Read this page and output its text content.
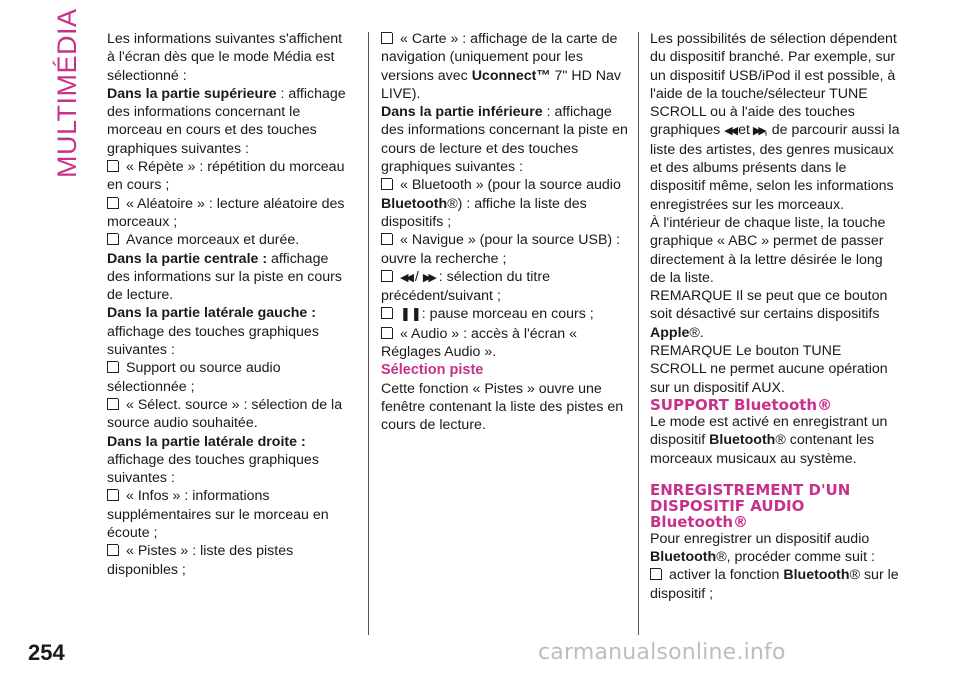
MULTIMÉDIA Les informations suivantes s'affichent à l'écran dès que le mode Média est sélectionné :

Dans la partie supérieure : affichage des informations concernant le morceau en cours et des touches graphiques suivantes :

« Répète » : répétition du morceau en cours ;

« Aléatoire » : lecture aléatoire des morceaux ;

Avance morceaux et durée.

Dans la partie centrale : affichage des informations sur la piste en cours de lecture.

Dans la partie latérale gauche :
affichage des touches graphiques suivantes :

Support ou source audio sélectionnée ;

« Sélect. source » : sélection de la source audio souhaitée.

Dans la partie latérale droite :
affichage des touches graphiques suivantes :

« Infos » : informations supplémentaires sur le morceau en écoute ;

« Pistes » : liste des pistes disponibles ;

« Carte » : affichage de la carte de navigation (uniquement pour les versions avec Uconnect™ 7" HD Nav LIVE).

Dans la partie inférieure : affichage des informations concernant la piste en cours de lecture et des touches graphiques suivantes :

« Bluetooth » (pour la source audio Bluetooth®) : affiche la liste des dispositifs ;

« Navigue » (pour la source USB) : ouvre la recherche ;

◀◀ / ▶▶ : sélection du titre précédent/suivant ;

❚❚: pause morceau en cours ;

« Audio » : accès à l'écran « Réglages Audio ».

Sélection piste

Cette fonction « Pistes » ouvre une fenêtre contenant la liste des pistes en cours de lecture.

Les possibilités de sélection dépendent du dispositif branché. Par exemple, sur un dispositif USB/iPod il est possible, à l'aide de la touche/sélecteur TUNE SCROLL ou à l'aide des touches graphiques ◀◀ et ▶▶, de parcourir aussi la liste des artistes, des genres musicaux et des albums présents dans le dispositif même, selon les informations enregistrées sur les morceaux.

À l'intérieur de chaque liste, la touche graphique « ABC » permet de passer directement à la lettre désirée le long de la liste.

REMARQUE Il se peut que ce bouton soit désactivé sur certains dispositifs Apple®.

REMARQUE Le bouton TUNE SCROLL ne permet aucune opération sur un dispositif AUX.

SUPPORT Bluetooth®

Le mode est activé en enregistrant un dispositif Bluetooth® contenant les morceaux musicaux au système.

ENREGISTREMENT D'UN DISPOSITIF AUDIO Bluetooth®

Pour enregistrer un dispositif audio Bluetooth®, procéder comme suit :

activer la fonction Bluetooth® sur le dispositif ;

254	carmanualsonline.info
